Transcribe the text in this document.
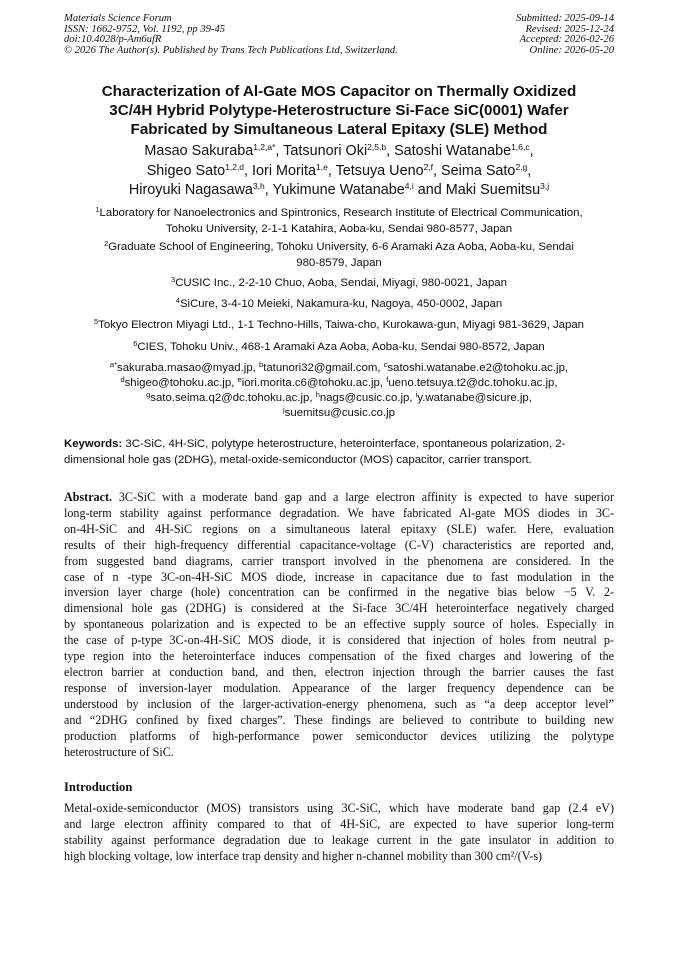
Materials Science Forum
ISSN: 1662-9752, Vol. 1192, pp 39-45
doi:10.4028/p-Am6ufR
© 2026 The Author(s). Published by Trans Tech Publications Ltd, Switzerland.
Submitted: 2025-09-14
Revised: 2025-12-24
Accepted: 2026-02-26
Online: 2026-05-20
Characterization of Al-Gate MOS Capacitor on Thermally Oxidized
3C/4H Hybrid Polytype-Heterostructure Si-Face SiC(0001) Wafer
Fabricated by Simultaneous Lateral Epitaxy (SLE) Method
Masao Sakuraba$^{1,2,a*}$, Tatsunori Oki$^{2,5,b}$, Satoshi Watanabe$^{1,6,c}$,
Shigeo Sato$^{1,2,d}$, Iori Morita$^{1,e}$, Tetsuya Ueno$^{2,f}$, Seima Sato$^{2,g}$,
Hiroyuki Nagasawa$^{3,h}$, Yukimune Watanabe$^{4,i}$ and Maki Suemitsu$^{3,j}$
$^1$Laboratory for Nanoelectronics and Spintronics, Research Institute of Electrical Communication,
Tohoku University, 2-1-1 Katahira, Aoba-ku, Sendai 980-8577, Japan
$^2$Graduate School of Engineering, Tohoku University, 6-6 Aramaki Aza Aoba, Aoba-ku, Sendai
980-8579, Japan
$^3$CUSIC Inc., 2-2-10 Chuo, Aoba, Sendai, Miyagi, 980-0021, Japan
$^4$SiCure, 3-4-10 Meieki, Nakamura-ku, Nagoya, 450-0002, Japan
$^5$Tokyo Electron Miyagi Ltd., 1-1 Techno-Hills, Taiwa-cho, Kurokawa-gun, Miyagi 981-3629, Japan
$^6$CIES, Tohoku Univ., 468-1 Aramaki Aza Aoba, Aoba-ku, Sendai 980-8572, Japan
$^{a*}$sakuraba.masao@myad.jp, $^b$tatunori32@gmail.com, $^c$satoshi.watanabe.e2@tohoku.ac.jp,
$^d$shigeo@tohoku.ac.jp, $^e$iori.morita.c6@tohoku.ac.jp, $^f$ueno.tetsuya.t2@dc.tohoku.ac.jp,
$^g$sato.seima.q2@dc.tohoku.ac.jp, $^h$nags@cusic.co.jp, $^i$y.watanabe@sicure.jp,
$^j$suemitsu@cusic.co.jp
Keywords: 3C-SiC, 4H-SiC, polytype heterostructure, heterointerface, spontaneous polarization, 2-
dimensional hole gas (2DHG), metal-oxide-semiconductor (MOS) capacitor, carrier transport.
Abstract. 3C-SiC with a moderate band gap and a large electron affinity is expected to have superior
long-term stability against performance degradation. We have fabricated Al-gate MOS diodes in 3C-
on-4H-SiC and 4H-SiC regions on a simultaneous lateral epitaxy (SLE) wafer. Here, evaluation
results of their high-frequency differential capacitance-voltage (C-V) characteristics are reported and,
from suggested band diagrams, carrier transport involved in the phenomena are considered. In the
case of n -type 3C-on-4H-SiC MOS diode, increase in capacitance due to fast modulation in the
inversion layer charge (hole) concentration can be confirmed in the negative bias below −5 V. 2-
dimensional hole gas (2DHG) is considered at the Si-face 3C/4H heterointerface negatively charged
by spontaneous polarization and is expected to be an effective supply source of holes. Especially in
the case of p-type 3C-on-4H-SiC MOS diode, it is considered that injection of holes from neutral p-
type region into the heterointerface induces compensation of the fixed charges and lowering of the
electron barrier at conduction band, and then, electron injection through the barrier causes the fast
response of inversion-layer modulation. Appearance of the larger frequency dependence can be
understood by inclusion of the larger-activation-energy phenomena, such as “a deep acceptor level”
and “2DHG confined by fixed charges”. These findings are believed to contribute to building new
production platforms of high-performance power semiconductor devices utilizing the polytype
heterostructure of SiC.
Introduction
Metal-oxide-semiconductor (MOS) transistors using 3C-SiC, which have moderate band gap (2.4 eV)
and large electron affinity compared to that of 4H-SiC, are expected to have superior long-term
stability against performance degradation due to leakage current in the gate insulator in addition to
high blocking voltage, low interface trap density and higher n-channel mobility than 300 cm²/(V-s)
